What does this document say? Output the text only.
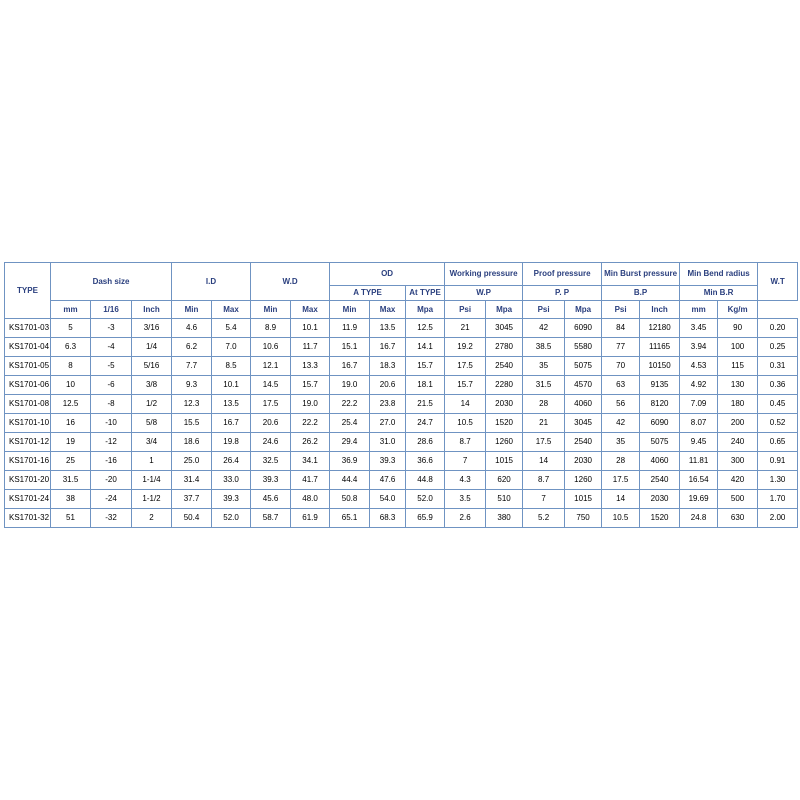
TYPE	Dash size			I.D		W.D		OD			Working pressure		Proof pressure		Min Burst pressure		Min Bend radius		W.T
								A TYPE		At TYPE	W.P		P. P		B.P		Min B.R		
	mm	1/16	Inch	Min	Max	Min	Max	Min	Max	Mpa	Psi	Mpa	Psi	Mpa	Psi	Inch	mm	Kg/m	
KS1701-03	5	-3	3/16	4.6	5.4	8.9	10.1	11.9	13.5	12.5	21	3045	42	6090	84	12180	3.45	90	0.20
KS1701-04	6.3	-4	1/4	6.2	7.0	10.6	11.7	15.1	16.7	14.1	19.2	2780	38.5	5580	77	11165	3.94	100	0.25
KS1701-05	8	-5	5/16	7.7	8.5	12.1	13.3	16.7	18.3	15.7	17.5	2540	35	5075	70	10150	4.53	115	0.31
KS1701-06	10	-6	3/8	9.3	10.1	14.5	15.7	19.0	20.6	18.1	15.7	2280	31.5	4570	63	9135	4.92	130	0.36
KS1701-08	12.5	-8	1/2	12.3	13.5	17.5	19.0	22.2	23.8	21.5	14	2030	28	4060	56	8120	7.09	180	0.45
KS1701-10	16	-10	5/8	15.5	16.7	20.6	22.2	25.4	27.0	24.7	10.5	1520	21	3045	42	6090	8.07	200	0.52
KS1701-12	19	-12	3/4	18.6	19.8	24.6	26.2	29.4	31.0	28.6	8.7	1260	17.5	2540	35	5075	9.45	240	0.65
KS1701-16	25	-16	1	25.0	26.4	32.5	34.1	36.9	39.3	36.6	7	1015	14	2030	28	4060	11.81	300	0.91
KS1701-20	31.5	-20	1-1/4	31.4	33.0	39.3	41.7	44.4	47.6	44.8	4.3	620	8.7	1260	17.5	2540	16.54	420	1.30
KS1701-24	38	-24	1-1/2	37.7	39.3	45.6	48.0	50.8	54.0	52.0	3.5	510	7	1015	14	2030	19.69	500	1.70
KS1701-32	51	-32	2	50.4	52.0	58.7	61.9	65.1	68.3	65.9	2.6	380	5.2	750	10.5	1520	24.8	630	2.00
